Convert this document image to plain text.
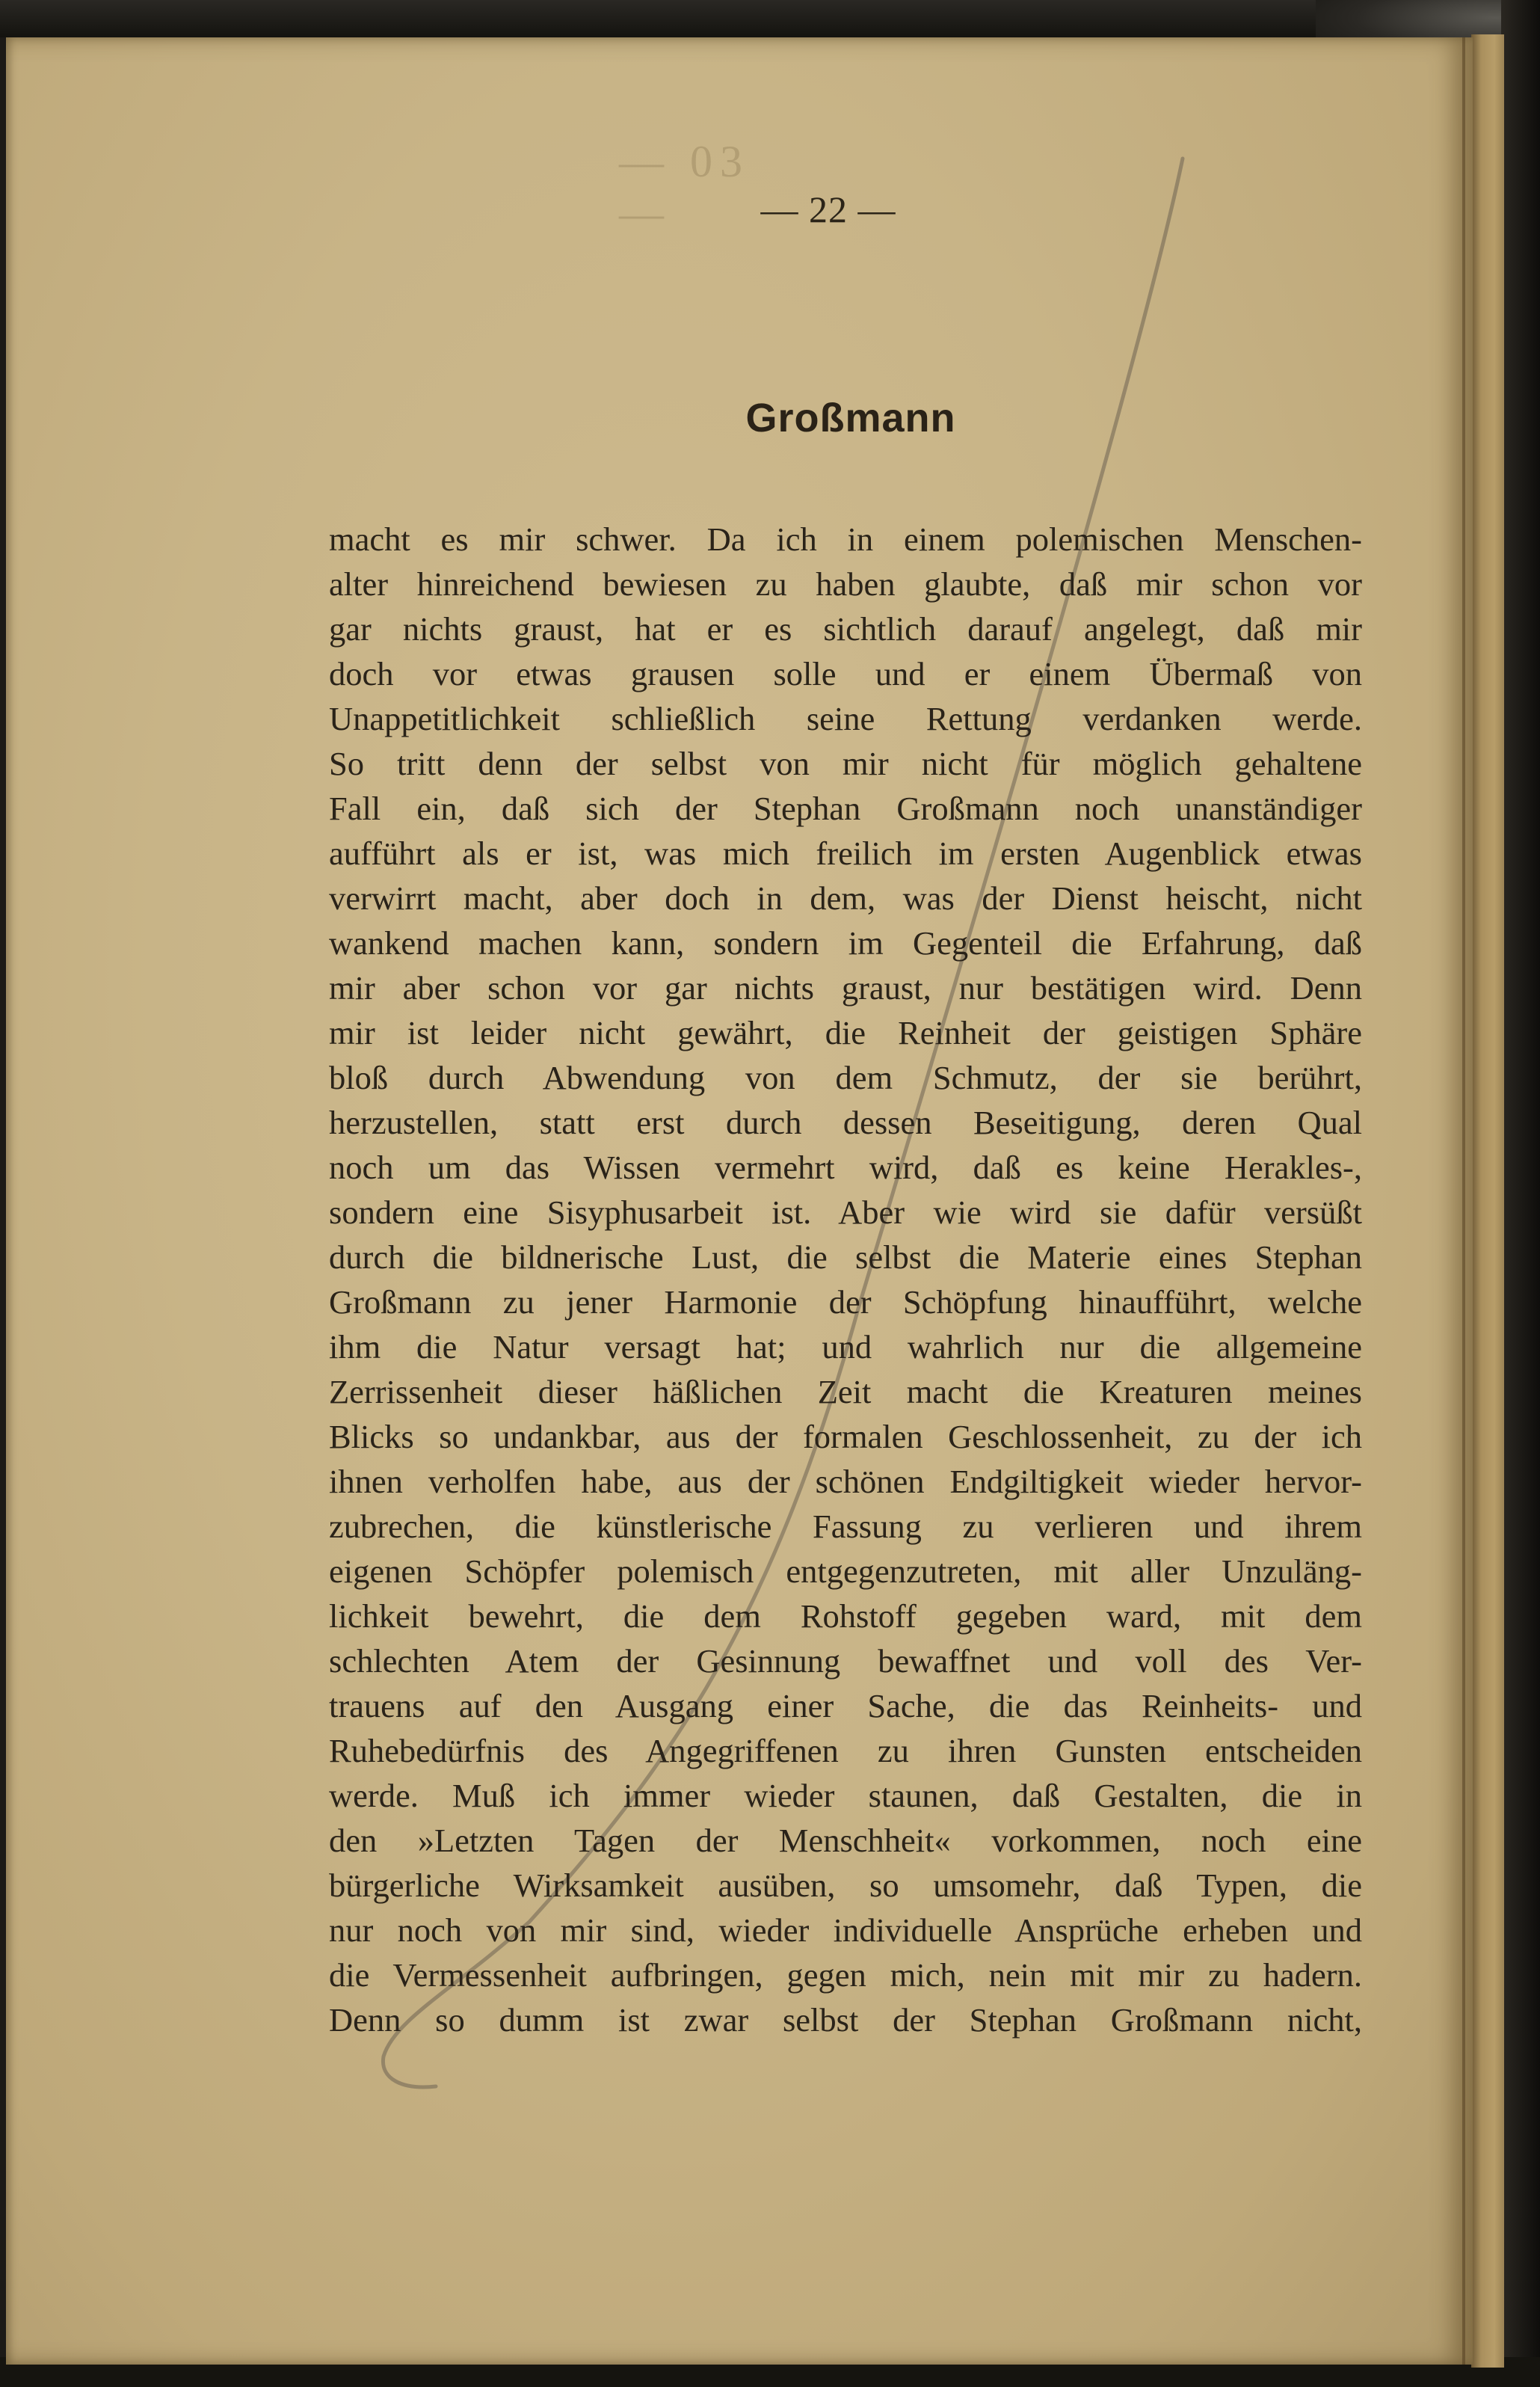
— 03 —	— 22 —
Großmann
macht es mir schwer. Da ich in einem polemischen Menschen-
alter hinreichend bewiesen zu haben glaubte, daß mir schon vor
gar nichts graust, hat er es sichtlich darauf angelegt, daß mir
doch vor etwas grausen solle und er einem Übermaß von
Unappetitlichkeit schließlich seine Rettung verdanken werde.
So tritt denn der selbst von mir nicht für möglich gehaltene
Fall ein, daß sich der Stephan Großmann noch unanständiger
aufführt als er ist, was mich freilich im ersten Augenblick etwas
verwirrt macht, aber doch in dem, was der Dienst heischt, nicht
wankend machen kann, sondern im Gegenteil die Erfahrung, daß
mir aber schon vor gar nichts graust, nur bestätigen wird. Denn
mir ist leider nicht gewährt, die Reinheit der geistigen Sphäre
bloß durch Abwendung von dem Schmutz, der sie berührt,
herzustellen, statt erst durch dessen Beseitigung, deren Qual
noch um das Wissen vermehrt wird, daß es keine Herakles-,
sondern eine Sisyphusarbeit ist. Aber wie wird sie dafür versüßt
durch die bildnerische Lust, die selbst die Materie eines Stephan
Großmann zu jener Harmonie der Schöpfung hinaufführt, welche
ihm die Natur versagt hat; und wahrlich nur die allgemeine
Zerrissenheit dieser häßlichen Zeit macht die Kreaturen meines
Blicks so undankbar, aus der formalen Geschlossenheit, zu der ich
ihnen verholfen habe, aus der schönen Endgiltigkeit wieder hervor-
zubrechen, die künstlerische Fassung zu verlieren und ihrem
eigenen Schöpfer polemisch entgegenzutreten, mit aller Unzuläng-
lichkeit bewehrt, die dem Rohstoff gegeben ward, mit dem
schlechten Atem der Gesinnung bewaffnet und voll des Ver-
trauens auf den Ausgang einer Sache, die das Reinheits- und
Ruhebedürfnis des Angegriffenen zu ihren Gunsten entscheiden
werde. Muß ich immer wieder staunen, daß Gestalten, die in
den »Letzten Tagen der Menschheit« vorkommen, noch eine
bürgerliche Wirksamkeit ausüben, so umsomehr, daß Typen, die
nur noch von mir sind, wieder individuelle Ansprüche erheben und
die Vermessenheit aufbringen, gegen mich, nein mit mir zu hadern.
Denn so dumm ist zwar selbst der Stephan Großmann nicht,
